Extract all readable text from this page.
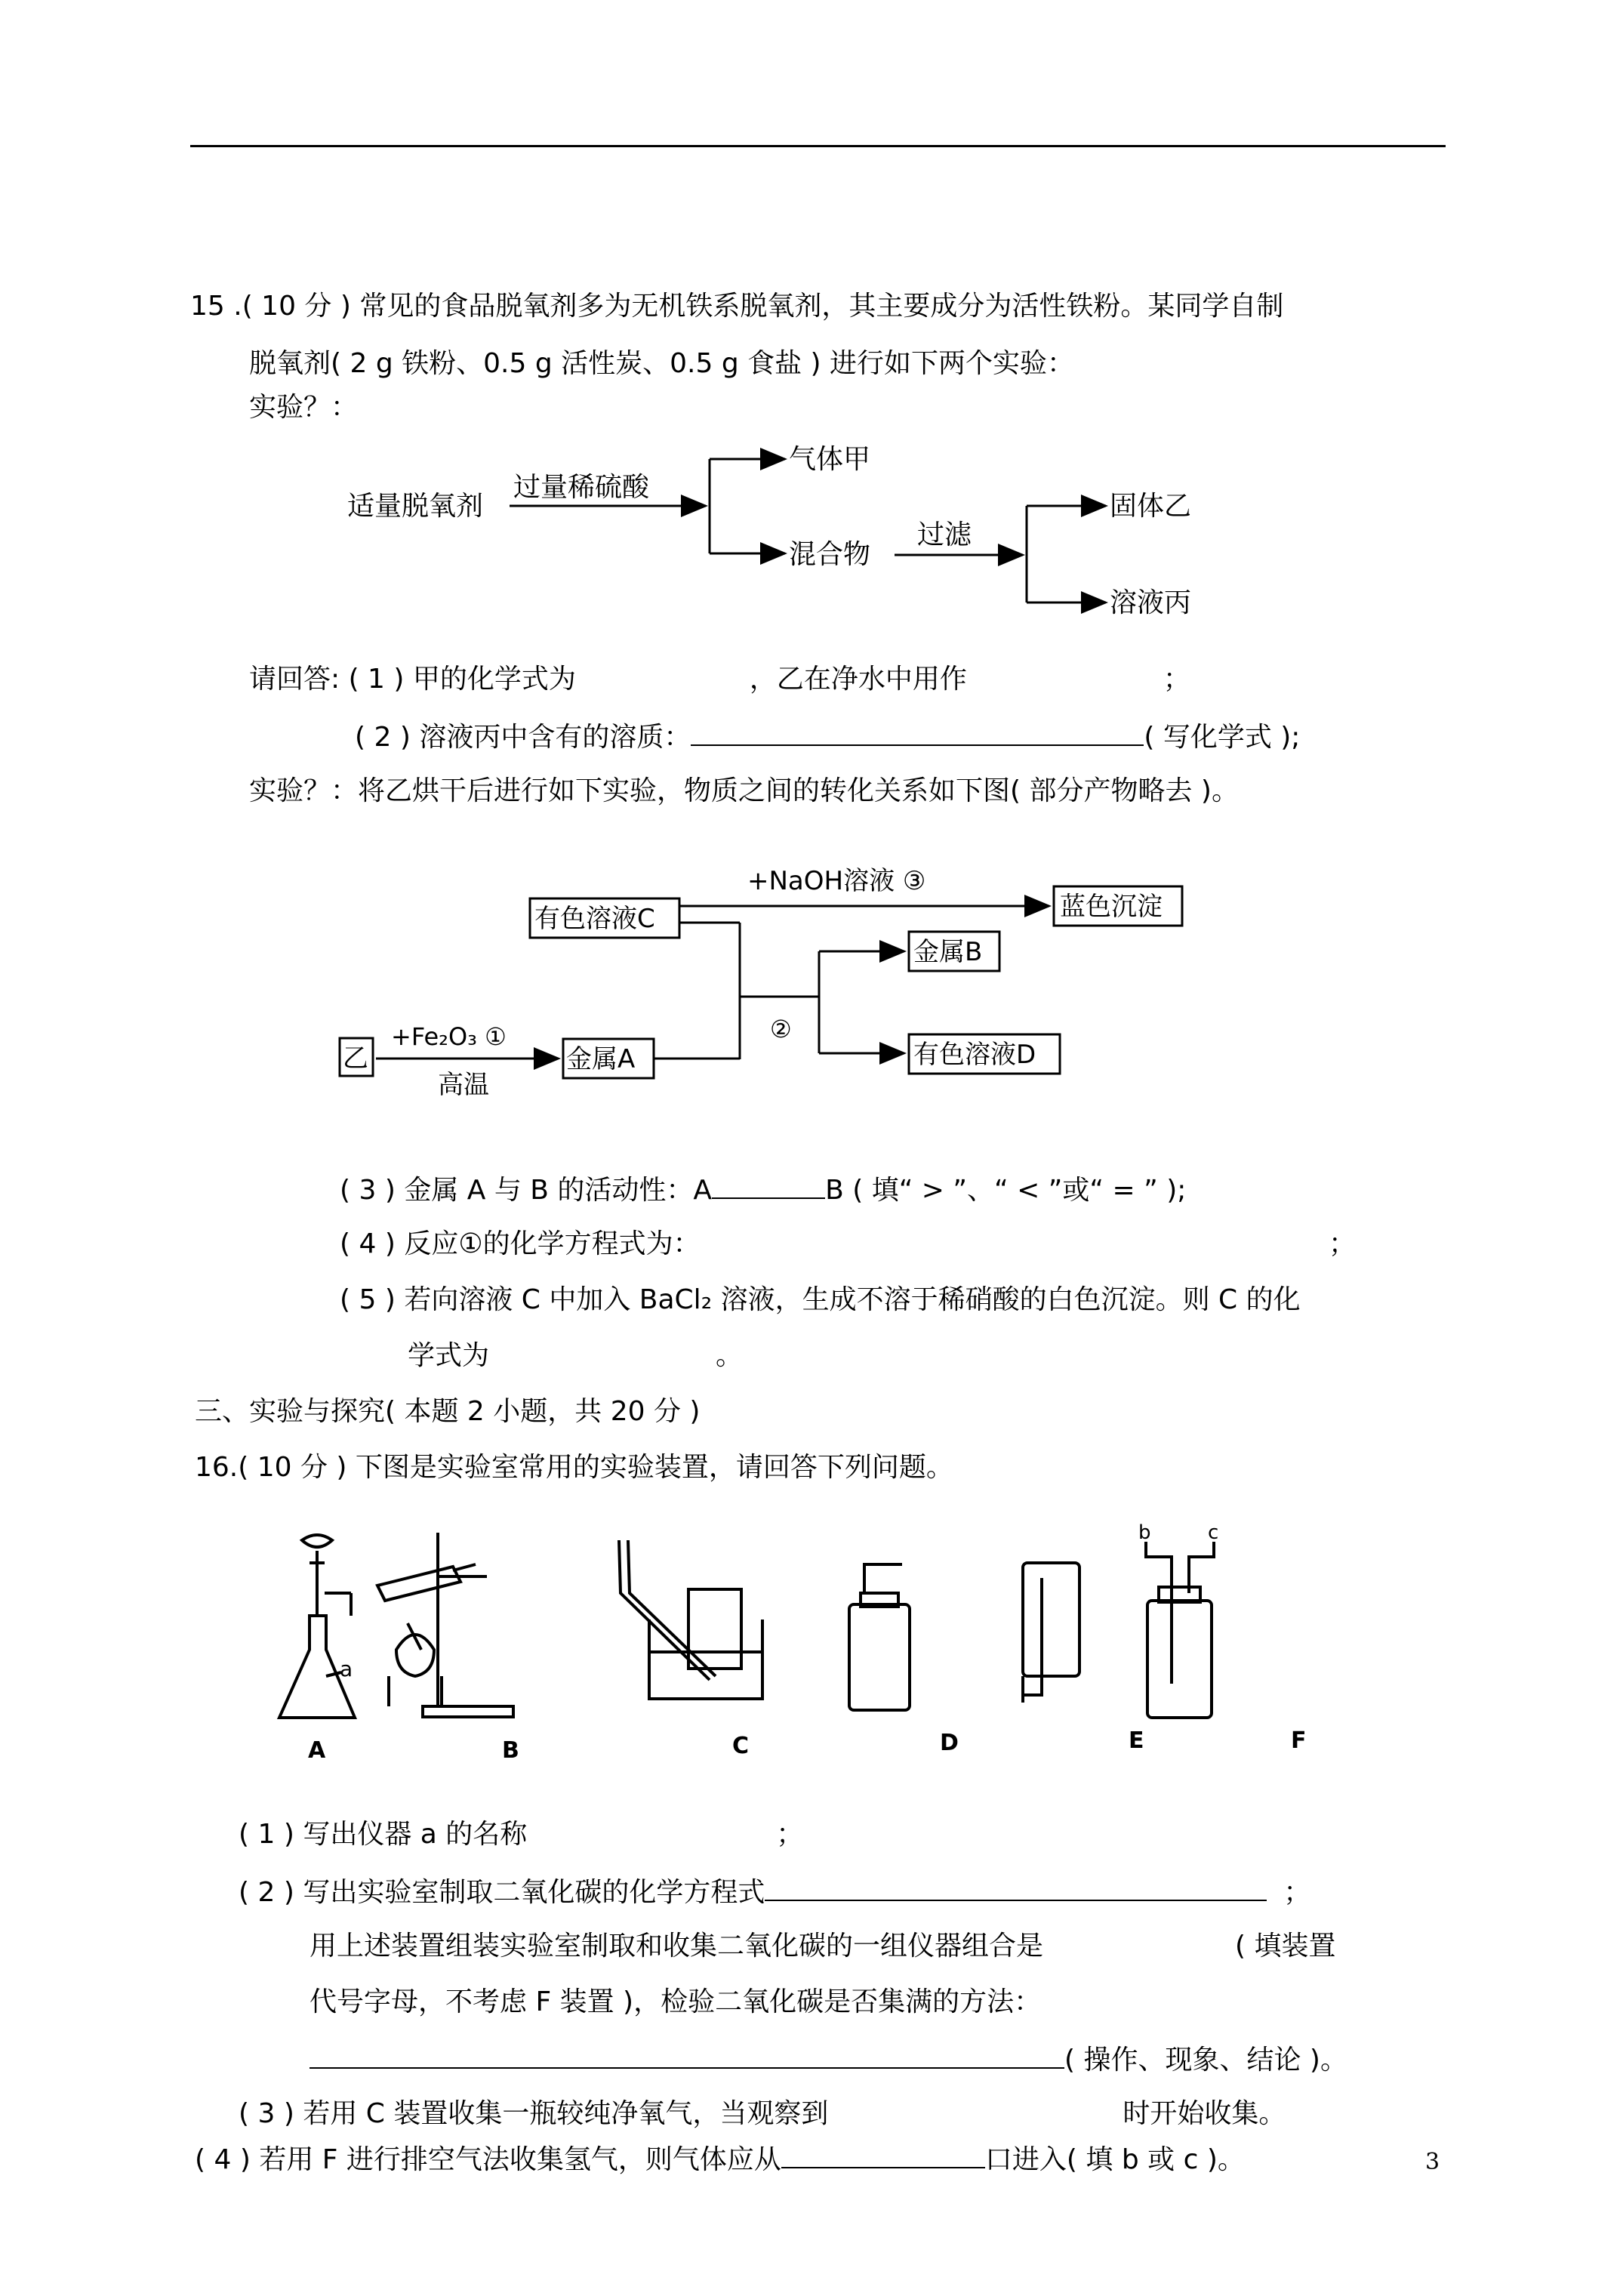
15 .( 10 分 ) 常见的食品脱氧剂多为无机铁系脱氧剂，其主要成分为活性铁粉。某同学自制
脱氧剂( 2 g 铁粉、0.5 g 活性炭、0.5 g 食盐 ) 进行如下两个实验：
实验？：
适量脱氧剂
过量稀硫酸
气体甲
混合物
过滤
固体乙
溶液丙
请回答: ( 1 ) 甲的化学式为	，乙在净水中用作	；
( 2 ) 溶液丙中含有的溶质：	( 写化学式 );
实验？：将乙烘干后进行如下实验，物质之间的转化关系如下图( 部分产物略去 )。
有色溶液C
+NaOH溶液 ③
蓝色沉淀
②
金属B
有色溶液D
乙
+Fe₂O₃ ①
高温
金属A
( 3 ) 金属 A 与 B 的活动性：A	B ( 填“ > ”、“ < ”或“ = ” );
( 4 ) 反应①的化学方程式为：	；
( 5 ) 若向溶液 C 中加入 BaCl₂ 溶液，生成不溶于稀硝酸的白色沉淀。则 C 的化
学式为	。
三、实验与探究( 本题 2 小题，共 20 分 )
16.( 10 分 ) 下图是实验室常用的实验装置，请回答下列问题。
a
b	c
A	B	C	D	E	F
( 1 ) 写出仪器 a 的名称	；
( 2 ) 写出实验室制取二氧化碳的化学方程式	；
用上述装置组装实验室制取和收集二氧化碳的一组仪器组合是	( 填装置
代号字母，不考虑 F 装置 )，检验二氧化碳是否集满的方法：
( 操作、现象、结论 )。
( 3 ) 若用 C 装置收集一瓶较纯净氧气，当观察到	时开始收集。
( 4 ) 若用 F 进行排空气法收集氢气，则气体应从	口进入( 填 b 或 c )。	3
